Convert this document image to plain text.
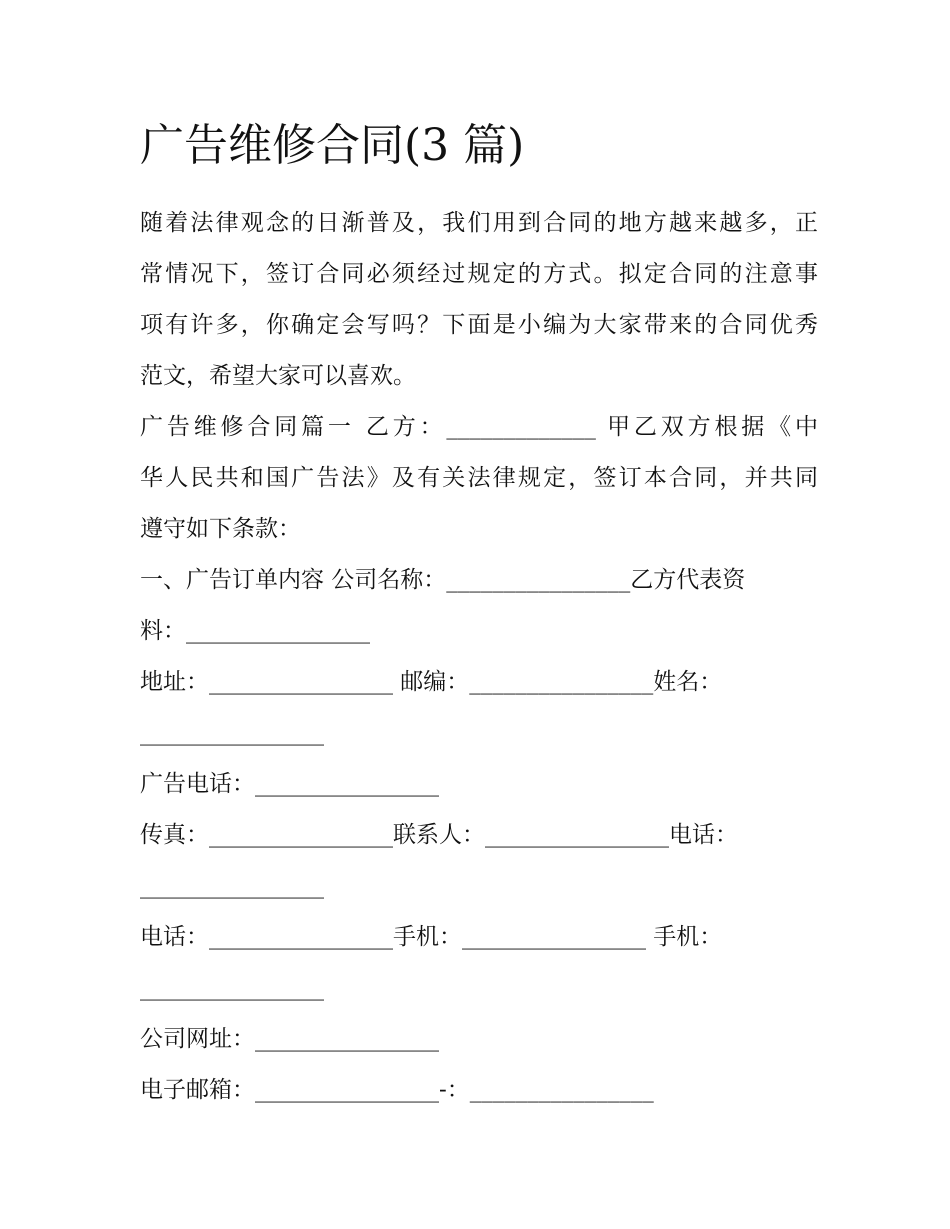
广告维修合同(3 篇)
随着法律观念的日渐普及，我们用到合同的地方越来越多，正
常情况下，签订合同必须经过规定的方式。拟定合同的注意事
项有许多，你确定会写吗？下面是小编为大家带来的合同优秀
范文，希望大家可以喜欢。
广告维修合同篇一 乙方：_____________ 甲乙双方根据《中
华人民共和国广告法》及有关法律规定，签订本合同，并共同
遵守如下条款：
一、广告订单内容 公司名称：________________乙方代表资
料：________________
地址：________________ 邮编：________________姓名：
________________
广告电话：________________
传真：________________联系人：________________电话：
________________
电话：________________手机：________________ 手机：
________________
公司网址：________________
电子邮箱：________________-：________________
